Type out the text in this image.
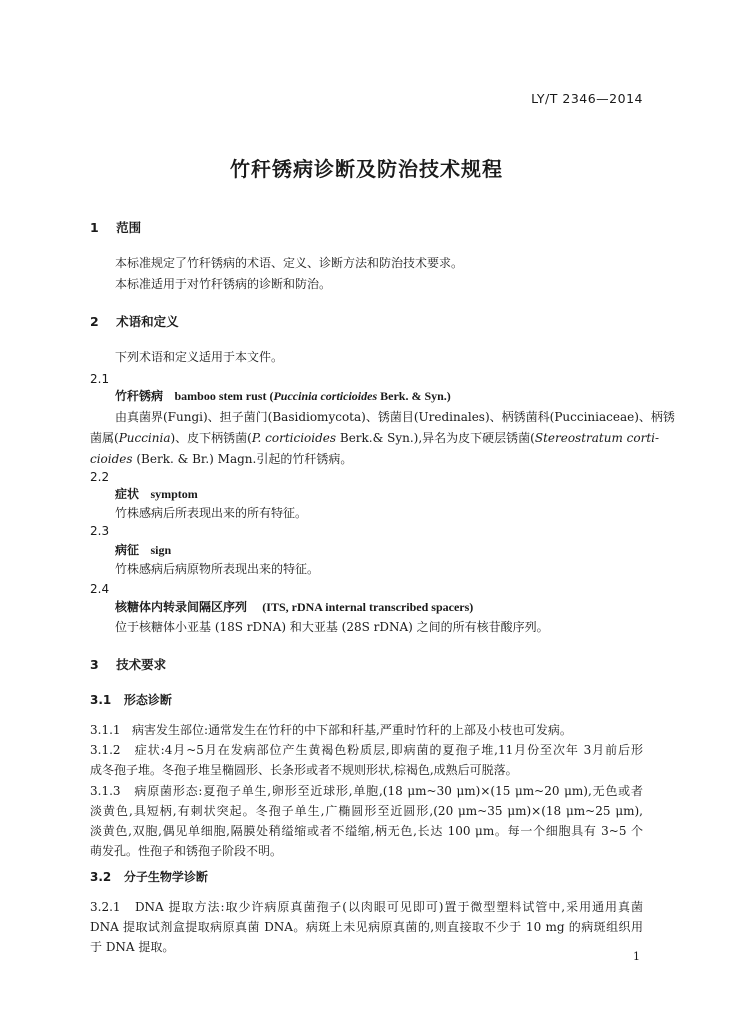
LY/T 2346—2014
竹秆锈病诊断及防治技术规程
1 范围
本标准规定了竹秆锈病的术语、定义、诊断方法和防治技术要求。
本标准适用于对竹秆锈病的诊断和防治。
2 术语和定义
下列术语和定义适用于本文件。
2.1
竹秆锈病 bamboo stem rust (Puccinia corticioides Berk. & Syn.)
由真菌界(Fungi)、担子菌门(Basidiomycota)、锈菌目(Uredinales)、柄锈菌科(Pucciniaceae)、柄锈
菌属(Puccinia)、皮下柄锈菌(P. corticioides Berk.& Syn.),异名为皮下硬层锈菌(Stereostratum corti-
cioides (Berk. & Br.) Magn.引起的竹秆锈病。
2.2
症状 symptom
竹株感病后所表现出来的所有特征。
2.3
病征 sign
竹株感病后病原物所表现出来的特征。
2.4
核糖体内转录间隔区序列 (ITS, rDNA internal transcribed spacers)
位于核糖体小亚基 (18S rDNA) 和大亚基 (28S rDNA) 之间的所有核苷酸序列。
3 技术要求
3.1 形态诊断
3.1.1 病害发生部位:通常发生在竹秆的中下部和秆基,严重时竹秆的上部及小枝也可发病。
3.1.2 症状:4月~5月在发病部位产生黄褐色粉质层,即病菌的夏孢子堆,11月份至次年 3月前后形
成冬孢子堆。冬孢子堆呈椭圆形、长条形或者不规则形状,棕褐色,成熟后可脱落。
3.1.3 病原菌形态:夏孢子单生,卵形至近球形,单胞,(18 μm~30 μm)×(15 μm~20 μm),无色或者
淡黄色,具短柄,有刺状突起。冬孢子单生,广椭圆形至近圆形,(20 μm~35 μm)×(18 μm~25 μm),
淡黄色,双胞,偶见单细胞,隔膜处稍缢缩或者不缢缩,柄无色,长达 100 μm。每一个细胞具有 3~5 个
萌发孔。性孢子和锈孢子阶段不明。
3.2 分子生物学诊断
3.2.1 DNA 提取方法:取少许病原真菌孢子(以肉眼可见即可)置于微型塑料试管中,采用通用真菌
DNA 提取试剂盒提取病原真菌 DNA。病斑上未见病原真菌的,则直接取不少于 10 mg 的病斑组织用
于 DNA 提取。
1
